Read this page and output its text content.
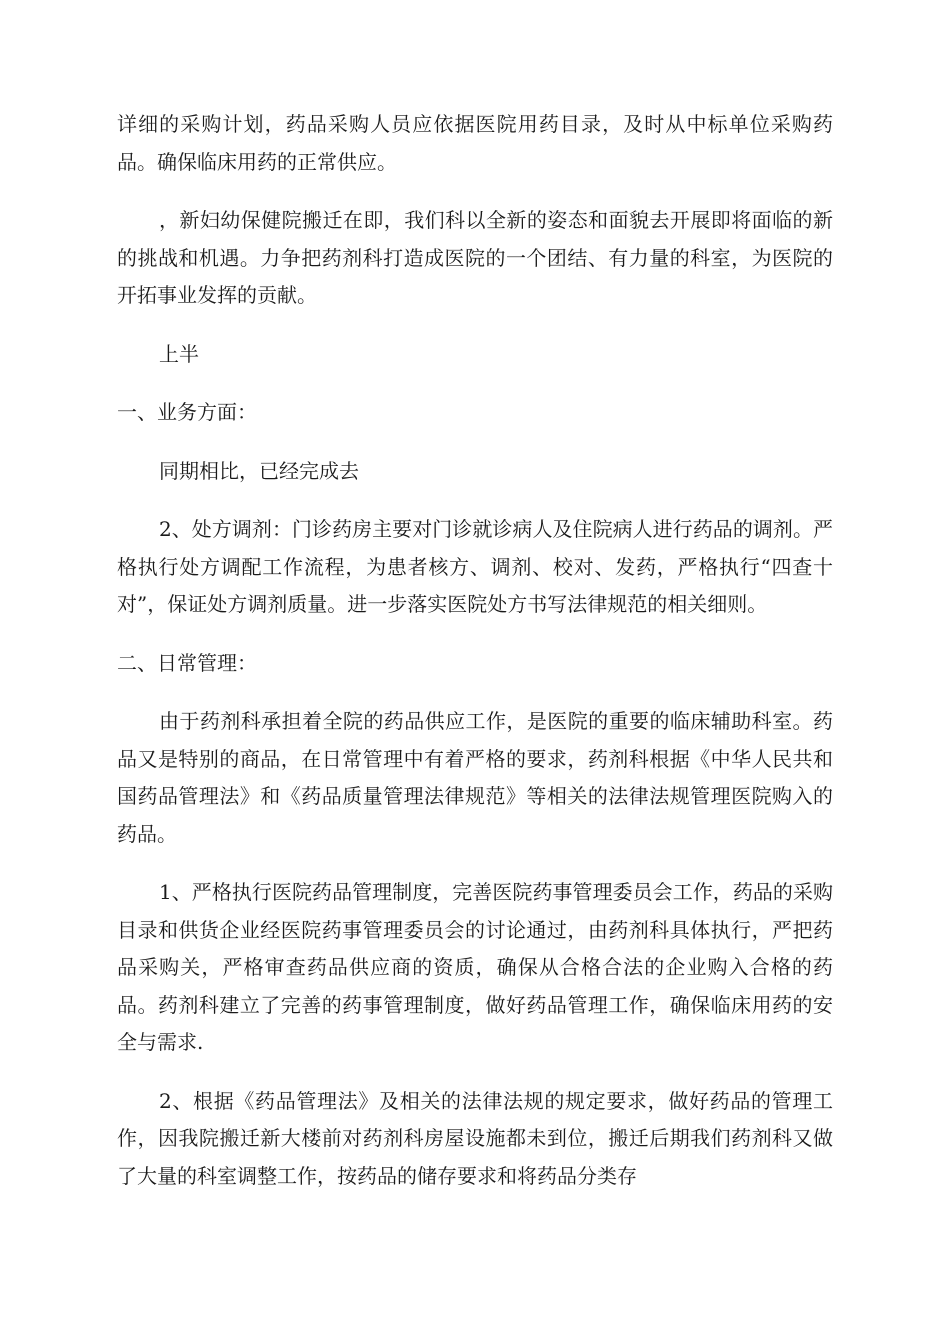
详细的采购计划，药品采购人员应依据医院用药目录，及时从中标单位采购药品。确保临床用药的正常供应。

，新妇幼保健院搬迁在即，我们科以全新的姿态和面貌去开展即将面临的新的挑战和机遇。力争把药剂科打造成医院的一个团结、有力量的科室，为医院的开拓事业发挥的贡献。

上半

一、业务方面：

同期相比，已经完成去

2、处方调剂：门诊药房主要对门诊就诊病人及住院病人进行药品的调剂。严格执行处方调配工作流程，为患者核方、调剂、校对、发药，严格执行“四查十对”，保证处方调剂质量。进一步落实医院处方书写法律规范的相关细则。

二、日常管理：

由于药剂科承担着全院的药品供应工作，是医院的重要的临床辅助科室。药品又是特别的商品，在日常管理中有着严格的要求，药剂科根据《中华人民共和国药品管理法》和《药品质量管理法律规范》等相关的法律法规管理医院购入的药品。

1、严格执行医院药品管理制度，完善医院药事管理委员会工作，药品的采购目录和供货企业经医院药事管理委员会的讨论通过，由药剂科具体执行，严把药品采购关，严格审查药品供应商的资质，确保从合格合法的企业购入合格的药品。药剂科建立了完善的药事管理制度，做好药品管理工作，确保临床用药的安全与需求.

2、根据《药品管理法》及相关的法律法规的规定要求，做好药品的管理工作，因我院搬迁新大楼前对药剂科房屋设施都未到位，搬迁后期我们药剂科又做了大量的科室调整工作，按药品的储存要求和将药品分类存
